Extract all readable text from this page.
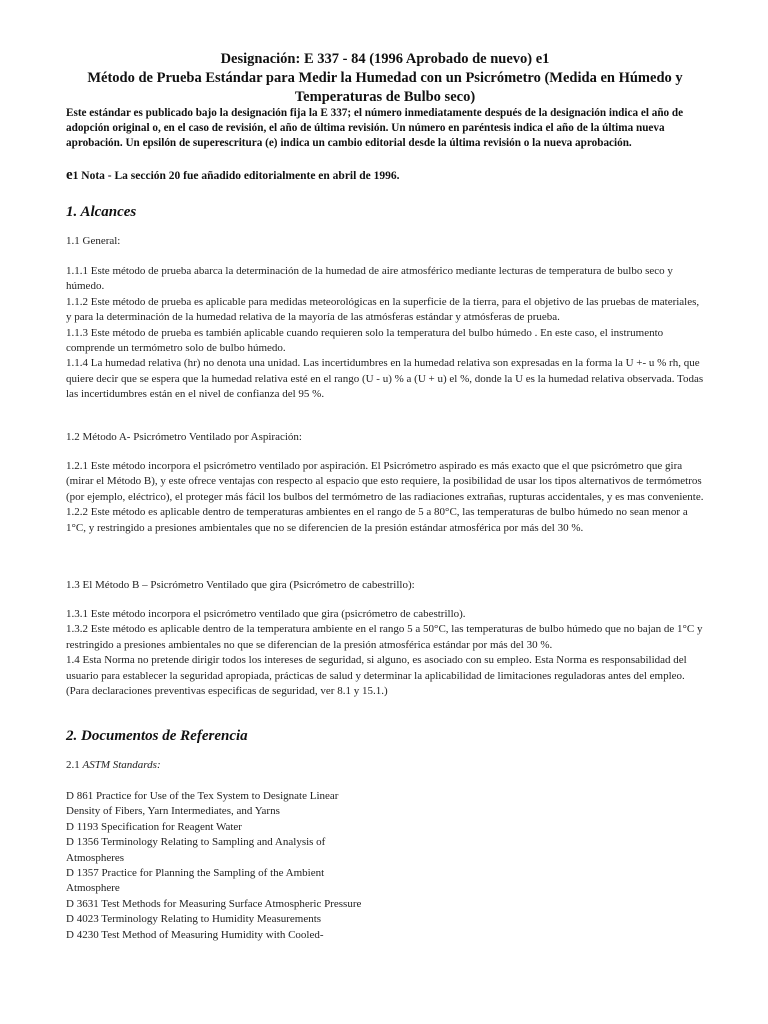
Designación: E 337 - 84 (1996 Aprobado de nuevo) e1
Método de Prueba Estándar para Medir la Humedad con un Psicrómetro (Medida en Húmedo y
Temperaturas de Bulbo seco)
Este estándar es publicado bajo la designación fija la E 337; el número inmediatamente después de la designación indica el año de adopción original o, en el caso de revisión, el año de última revisión. Un número en paréntesis indica el año de la última nueva aprobación. Un epsilón de superescritura (e) indica un cambio editorial desde la última revisión o la nueva aprobación.
e1 Nota - La sección 20 fue añadido editorialmente en abril de 1996.
1. Alcances
1.1 General:

1.1.1 Este método de prueba abarca la determinación de la humedad de aire atmosférico mediante lecturas de temperatura de bulbo seco y húmedo.

1.1.2 Este método de prueba es aplicable para medidas meteorológicas en la superficie de la tierra, para el objetivo de las pruebas de materiales, y para la determinación de la humedad relativa de la mayoría de las atmósferas estándar y atmósferas de prueba.

1.1.3 Este método de prueba es también aplicable cuando requieren solo la temperatura del bulbo húmedo . En este caso, el instrumento comprende un termómetro solo de bulbo húmedo.

1.1.4 La humedad relativa (hr) no denota una unidad. Las incertidumbres en la humedad relativa son expresadas en la forma la U +- u % rh, que quiere decir que se espera que la humedad relativa esté en el rango (U - u) % a (U + u) el %, donde la U es la humedad relativa observada. Todas las incertidumbres están en el nivel de confianza del 95 %.

1.2 Método A- Psicrómetro Ventilado por Aspiración:

1.2.1 Este método incorpora el psicrómetro ventilado por aspiración. El Psicrómetro aspirado es más exacto que el que psicrómetro que gira (mirar el Método B), y este ofrece ventajas con respecto al espacio que esto requiere, la posibilidad de usar los tipos alternativos de termómetros (por ejemplo, eléctrico), el proteger más fácil los bulbos del termómetro de las radiaciones extrañas, rupturas accidentales, y es mas conveniente.

1.2.2 Este método es aplicable dentro de temperaturas ambientes en el rango de 5 a 80°C, las temperaturas de bulbo húmedo no sean menor a 1°C, y restringido a presiones ambientales que no se diferencien de la presión estándar atmosférica por más del 30 %.

1.3 El Método B – Psicrómetro Ventilado que gira (Psicrómetro de cabestrillo):

1.3.1 Este método incorpora el psicrómetro ventilado que gira (psicrómetro de cabestrillo).

1.3.2 Este método es aplicable dentro de la temperatura ambiente en el rango 5 a 50°C, las temperaturas de bulbo húmedo que no bajan de 1°C y restringido a presiones ambientales no que se diferencian de la presión atmosférica estándar por más del 30 %.

1.4 Esta Norma no pretende dirigir todos los intereses de seguridad, si alguno, es asociado con su empleo. Esta Norma es responsabilidad del usuario para establecer la seguridad apropiada, prácticas de salud y determinar la aplicabilidad de limitaciones reguladoras antes del empleo. (Para declaraciones preventivas especificas de seguridad, ver 8.1 y 15.1.)

2. Documentos de Referencia
2.1 ASTM Standards:

D 861 Practice for Use of the Tex System to Designate Linear Density of Fibers, Yarn Intermediates, and Yarns

D 1193 Specification for Reagent Water

D 1356 Terminology Relating to Sampling and Analysis of Atmospheres

D 1357 Practice for Planning the Sampling of the Ambient Atmosphere

D 3631 Test Methods for Measuring Surface Atmospheric Pressure

D 4023 Terminology Relating to Humidity Measurements

D 4230 Test Method of Measuring Humidity with Cooled-
